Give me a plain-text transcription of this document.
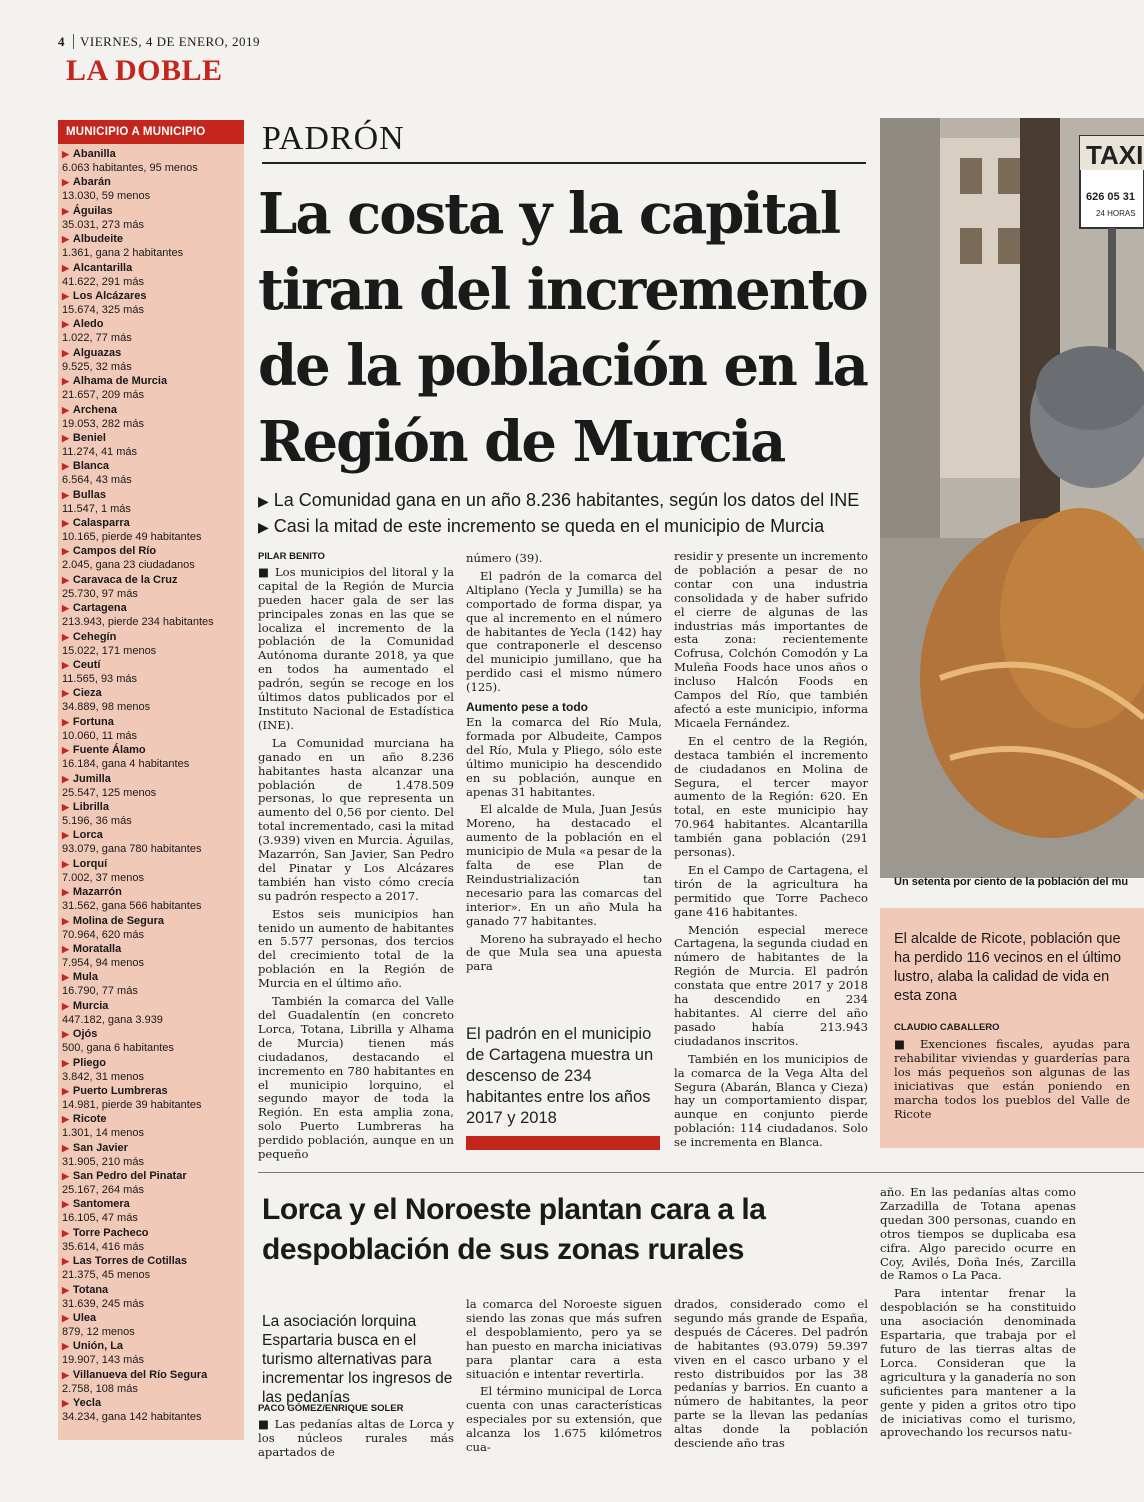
4 VIERNES, 4 DE ENERO, 2019
LA DOBLE
MUNICIPIO A MUNICIPIO
▶ Abanilla
6.063 habitantes, 95 menos
▶ Abarán
13.030, 59 menos
▶ Águilas
35.031, 273 más
▶ Albudeite
1.361, gana 2 habitantes
▶ Alcantarilla
41.622, 291 más
▶ Los Alcázares
15.674, 325 más
▶ Aledo
1.022, 77 más
▶ Alguazas
9.525, 32 más
▶ Alhama de Murcia
21.657, 209 más
▶ Archena
19.053, 282 más
▶ Beniel
11.274, 41 más
▶ Blanca
6.564, 43 más
▶ Bullas
11.547, 1 más
▶ Calasparra
10.165, pierde 49 habitantes
▶ Campos del Río
2.045, gana 23 ciudadanos
▶ Caravaca de la Cruz
25.730, 97 más
▶ Cartagena
213.943, pierde 234 habitantes
▶ Cehegín
15.022, 171 menos
▶ Ceutí
11.565, 93 más
▶ Cieza
34.889, 98 menos
▶ Fortuna
10.060, 11 más
▶ Fuente Álamo
16.184, gana 4 habitantes
▶ Jumilla
25.547, 125 menos
▶ Librilla
5.196, 36 más
▶ Lorca
93.079, gana 780 habitantes
▶ Lorquí
7.002, 37 menos
▶ Mazarrón
31.562, gana 566 habitantes
▶ Molina de Segura
70.964, 620 más
▶ Moratalla
7.954, 94 menos
▶ Mula
16.790, 77 más
▶ Murcia
447.182, gana 3.939
▶ Ojós
500, gana 6 habitantes
▶ Pliego
3.842, 31 menos
▶ Puerto Lumbreras
14.981, pierde 39 habitantes
▶ Ricote
1.301, 14 menos
▶ San Javier
31.905, 210 más
▶ San Pedro del Pinatar
25.167, 264 más
▶ Santomera
16.105, 47 más
▶ Torre Pacheco
35.614, 416 más
▶ Las Torres de Cotillas
21.375, 45 menos
▶ Totana
31.639, 245 más
▶ Ulea
879, 12 menos
▶ Unión, La
19.907, 143 más
▶ Villanueva del Río Segura
2.758, 108 más
▶ Yecla
34.234, gana 142 habitantes
PADRÓN
La costa y la capital tiran del incremento de la población en la Región de Murcia
▶ La Comunidad gana en un año 8.236 habitantes, según los datos del INE
▶ Casi la mitad de este incremento se queda en el municipio de Murcia
PILAR BENITO

■ Los municipios del litoral y la capital de la Región de Murcia pueden hacer gala de ser las principales zonas en las que se localiza el incremento de la población de la Comunidad Autónoma durante 2018, ya que en todos ha aumentado el padrón, según se recoge en los últimos datos publicados por el Instituto Nacional de Estadística (INE).

La Comunidad murciana ha ganado en un año 8.236 habitantes hasta alcanzar una población de 1.478.509 personas, lo que representa un aumento del 0,56 por ciento. Del total incrementado, casi la mitad (3.939) viven en Murcia. Águilas, Mazarrón, San Javier, San Pedro del Pinatar y Los Alcázares también han visto cómo crecía su padrón respecto a 2017.

Estos seis municipios han tenido un aumento de habitantes en 5.577 personas, dos tercios del crecimiento total de la población en la Región de Murcia en el último año.

También la comarca del Valle del Guadalentín (en concreto Lorca, Totana, Librilla y Alhama de Murcia) tienen más ciudadanos, destacando el incremento en 780 habitantes en el municipio lorquino, el segundo mayor de toda la Región. En esta amplia zona, solo Puerto Lumbreras ha perdido población, aunque en un pequeño

número (39).

El padrón de la comarca del Altiplano (Yecla y Jumilla) se ha comportado de forma dispar, ya que al incremento en el número de habitantes de Yecla (142) hay que contraponerle el descenso del municipio jumillano, que ha perdido casi el mismo número (125).

Aumento pese a todo

En la comarca del Río Mula, formada por Albudeite, Campos del Río, Mula y Pliego, sólo este último municipio ha descendido en su población, aunque en apenas 31 habitantes.

El alcalde de Mula, Juan Jesús Moreno, ha destacado el aumento de la población en el municipio de Mula «a pesar de la falta de ese Plan de Reindustrialización tan necesario para las comarcas del interior». En un año Mula ha ganado 77 habitantes.

Moreno ha subrayado el hecho de que Mula sea una apuesta para

El padrón en el municipio de Cartagena muestra un descenso de 234 habitantes entre los años 2017 y 2018

residir y presente un incremento de población a pesar de no contar con una industria consolidada y de haber sufrido el cierre de algunas de las industrias más importantes de esta zona: recientemente Cofrusa, Colchón Comodón y La Muleña Foods hace unos años o incluso Halcón Foods en Campos del Río, que también afectó a este municipio, informa Micaela Fernández.

En el centro de la Región, destaca también el incremento de ciudadanos en Molina de Segura, el tercer mayor aumento de la Región: 620. En total, en este municipio hay 70.964 habitantes. Alcantarilla también gana población (291 personas).

En el Campo de Cartagena, el tirón de la agricultura ha permitido que Torre Pacheco gane 416 habitantes.

Mención especial merece Cartagena, la segunda ciudad en número de habitantes de la Región de Murcia. El padrón constata que entre 2017 y 2018 ha descendido en 234 habitantes. Al cierre del año pasado había 213.943 ciudadanos inscritos.

También en los municipios de la comarca de la Vega Alta del Segura (Abarán, Blanca y Cieza) hay un comportamiento dispar, aunque en conjunto pierde población: 114 ciudadanos. Solo se incrementa en Blanca.

TAXI
626 05 31
24 HORAS
Un setenta por ciento de la población del mu
El alcalde de Ricote, población que ha perdido 116 vecinos en el último lustro, alaba la calidad de vida en esta zona
CLAUDIO CABALLERO
■ Exenciones fiscales, ayudas para rehabilitar viviendas y guarderías para los más pequeños son algunas de las iniciativas que están poniendo en marcha todos los pueblos del Valle de Ricote
Lorca y el Noroeste plantan cara a la despoblación de sus zonas rurales
La asociación lorquina Espartaria busca en el turismo alternativas para incrementar los ingresos de las pedanías
PACO GÓMEZ/ENRIQUE SOLER

■ Las pedanías altas de Lorca y los núcleos rurales más apartados de

la comarca del Noroeste siguen siendo las zonas que más sufren el despoblamiento, pero ya se han puesto en marcha iniciativas para plantar cara a esta situación e intentar revertirla.

El término municipal de Lorca cuenta con unas características especiales por su extensión, que alcanza los 1.675 kilómetros cua-

drados, considerado como el segundo más grande de España, después de Cáceres. Del padrón de habitantes (93.079) 59.397 viven en el casco urbano y el resto distribuidos por las 38 pedanías y barrios. En cuanto a número de habitantes, la peor parte se la llevan las pedanías altas donde la población desciende año tras

año. En las pedanías altas como Zarzadilla de Totana apenas quedan 300 personas, cuando en otros tiempos se duplicaba esa cifra. Algo parecido ocurre en Coy, Avilés, Doña Inés, Zarcilla de Ramos o La Paca.

Para intentar frenar la despoblación se ha constituido una asociación denominada Espartaria, que trabaja por el futuro de las tierras altas de Lorca. Consideran que la agricultura y la ganadería no son suficientes para mantener a la gente y piden a gritos otro tipo de iniciativas como el turismo, aprovechando los recursos natu-
